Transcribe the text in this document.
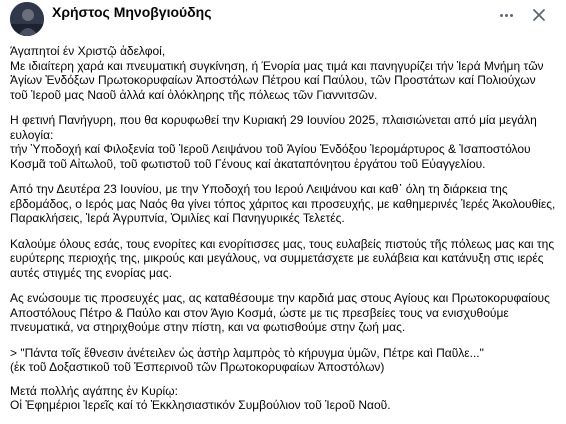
Χρήστος Μηνοβγιούδης

Άγαπητοί έν Χριστῷ ἀδελφοί,
Με ιδιαίτερη χαρά και πνευματική συγκίνηση, ή Ένορία μας τιμά και πανηγυρίζει τήν Ἱερά Μνήμη τῶν
Ἁγίων Ἐνδόξων Πρωτοκορυφαίων Ἀποστόλων Πέτρου καί Παύλου, τῶν Προστάτων καί Πολιούχων
τοῦ Ἱεροῦ μας Ναοῦ ἀλλά καί ὁλόκληρης τῆς πόλεως τῶν Γιαννιτσῶν.

Η φετινή Πανήγυρη, που θα κορυφωθεί την Κυριακή 29 Ιουνίου 2025, πλαισιώνεται από μία μεγάλη
ευλογία:
τήν Ὑποδοχή καί Φιλοξενία τοῦ Ἱεροῦ Λειψάνου τοῦ Ἁγίου Ἐνδόξου Ἱερομάρτυρος & Ἰσαποστόλου
Κοσμᾶ τοῦ Αἰτωλοῦ, τοῦ φωτιστοῦ τοῦ Γένους καί ἀκαταπόνητου ἐργάτου τοῦ Εὐαγγελίου.

Από την Δευτέρα 23 Ιουνίου, με την Υποδοχή του Ιερού Λειψάνου και καθ᾽ όλη τη διάρκεια της
εβδομάδος, ο Ιερός μας Ναός θα γίνει τόπος χάριτος και προσευχής, με καθημερινές Ἱερές Ἀκολουθίες,
Παρακλήσεις, Ἱερά Ἀγρυπνία, Ὁμιλίες καί Πανηγυρικές Τελετές.

Καλούμε όλους εσάς, τους ενορίτες και ενορίτισσες μας, τους ευλαβείς πιστούς τῆς πόλεως μας και της
ευρύτερης περιοχής της, μικρούς και μεγάλους, να συμμετάσχετε με ευλάβεια και κατάνυξη στις ιερές
αυτές στιγμές της ενορίας μας.

Ας ενώσουμε τις προσευχές μας, ας καταθέσουμε την καρδιά μας στους Αγίους και Πρωτοκορυφαίους
Αποστόλους Πέτρο & Παύλο και στον Άγιο Κοσμά, ώστε με τις πρεσβείες τους να ενισχυθούμε
πνευματικά, να στηριχθούμε στην πίστη, και να φωτισθούμε στην ζωή μας.

> "Πάντα τοῖς ἔθνεσιν ἀνέτειλεν ὡς ἀστὴρ λαμπρὸς τὸ κήρυγμα ὑμῶν, Πέτρε καὶ Παῦλε..."
(ἐκ τοῦ Δοξαστικοῦ τοῦ Ἑσπερινοῦ τῶν Πρωτοκορυφαίων Ἀποστόλων)

Μετά πολλής αγάπης ἐν Κυρίῳ:
Οἱ Ἐφημέριοι Ἱερεῖς καί τό Ἐκκλησιαστικόν Συμβούλιον τοῦ Ἱεροῦ Ναοῦ.
